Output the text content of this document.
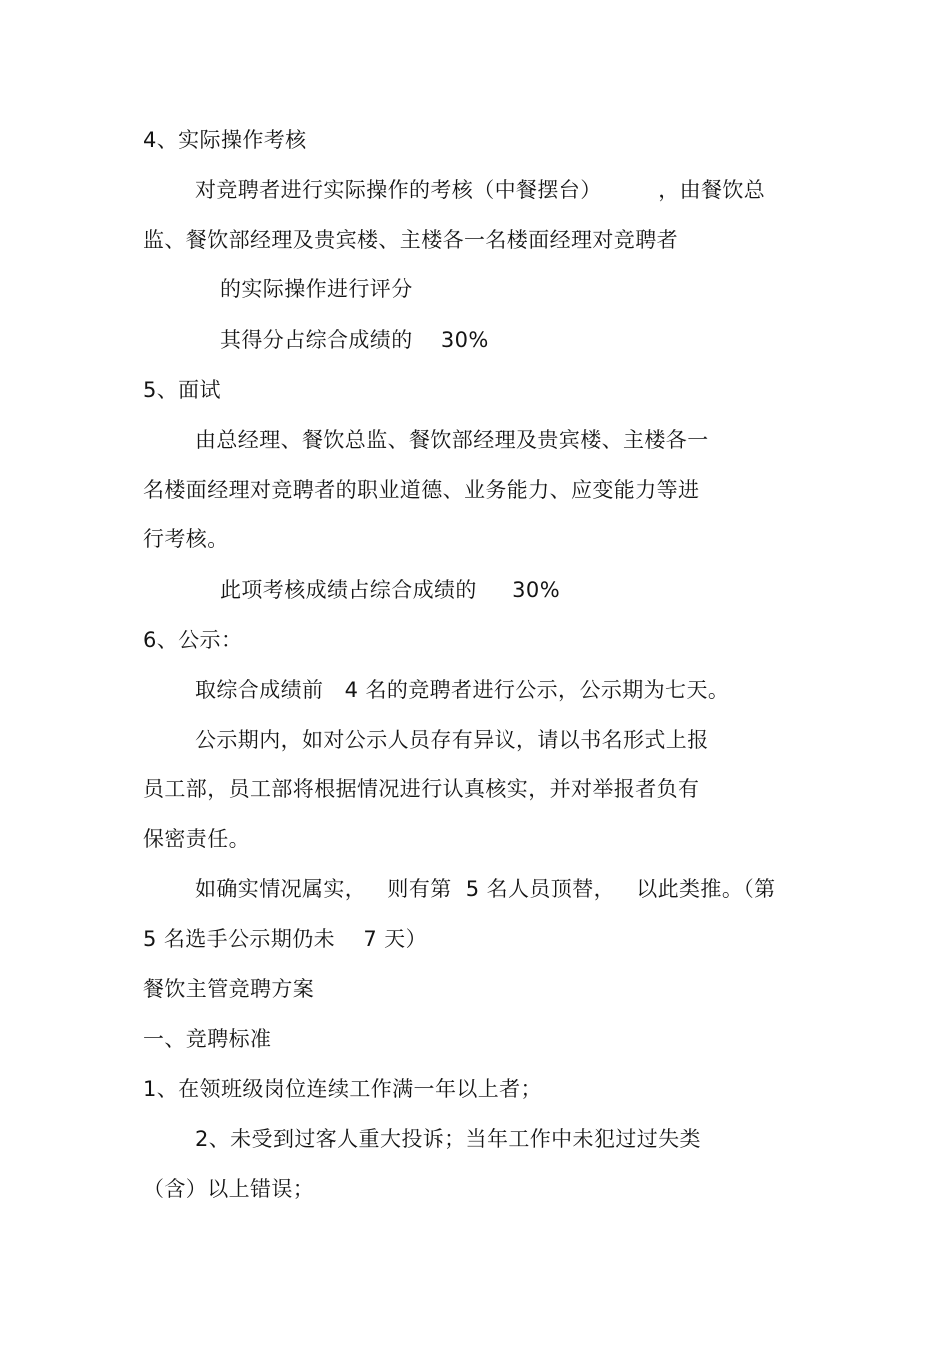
4、实际操作考核
对竞聘者进行实际操作的考核（中餐摆台）        ，由餐饮总
监、餐饮部经理及贵宾楼、主楼各一名楼面经理对竞聘者
的实际操作进行评分
其得分占综合成绩的    30%
5、面试
由总经理、餐饮总监、餐饮部经理及贵宾楼、主楼各一
名楼面经理对竞聘者的职业道德、业务能力、应变能力等进
行考核。
此项考核成绩占综合成绩的     30%
6、公示：
取综合成绩前   4 名的竞聘者进行公示，公示期为七天。
公示期内，如对公示人员存有异议，请以书名形式上报
员工部，员工部将根据情况进行认真核实，并对举报者负有
保密责任。
如确实情况属实，   则有第  5 名人员顶替，   以此类推。（第
5 名选手公示期仍未    7 天）
餐饮主管竞聘方案
一、竞聘标准
1、在领班级岗位连续工作满一年以上者；
2、未受到过客人重大投诉；当年工作中未犯过过失类
（含）以上错误；
